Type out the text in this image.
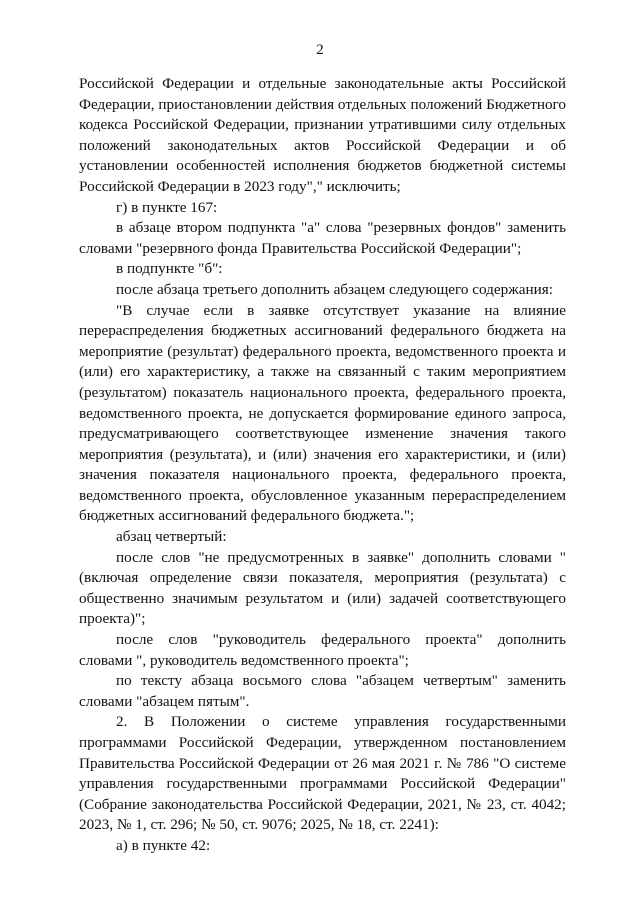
2

Российской Федерации и отдельные законодательные акты Российской Федерации, приостановлении действия отдельных положений Бюджетного кодекса Российской Федерации, признании утратившими силу отдельных положений законодательных актов Российской Федерации и об установлении особенностей исполнения бюджетов бюджетной системы Российской Федерации в 2023 году"," исключить;

г) в пункте 167:

в абзаце втором подпункта "а" слова "резервных фондов" заменить словами "резервного фонда Правительства Российской Федерации";

в подпункте "б":

после абзаца третьего дополнить абзацем следующего содержания:

"В случае если в заявке отсутствует указание на влияние перераспределения бюджетных ассигнований федерального бюджета на мероприятие (результат) федерального проекта, ведомственного проекта и (или) его характеристику, а также на связанный с таким мероприятием (результатом) показатель национального проекта, федерального проекта, ведомственного проекта, не допускается формирование единого запроса, предусматривающего соответствующее изменение значения такого мероприятия (результата), и (или) значения его характеристики, и (или) значения показателя национального проекта, федерального проекта, ведомственного проекта, обусловленное указанным перераспределением бюджетных ассигнований федерального бюджета.";

абзац четвертый:

после слов "не предусмотренных в заявке" дополнить словами "(включая определение связи показателя, мероприятия (результата) с общественно значимым результатом и (или) задачей соответствующего проекта)";

после слов "руководитель федерального проекта" дополнить словами ", руководитель ведомственного проекта";

по тексту абзаца восьмого слова "абзацем четвертым" заменить словами "абзацем пятым".

2. В Положении о системе управления государственными программами Российской Федерации, утвержденном постановлением Правительства Российской Федерации от 26 мая 2021 г. № 786 "О системе управления государственными программами Российской Федерации" (Собрание законодательства Российской Федерации, 2021, № 23, ст. 4042; 2023, № 1, ст. 296; № 50, ст. 9076; 2025, № 18, ст. 2241):

а) в пункте 42:
